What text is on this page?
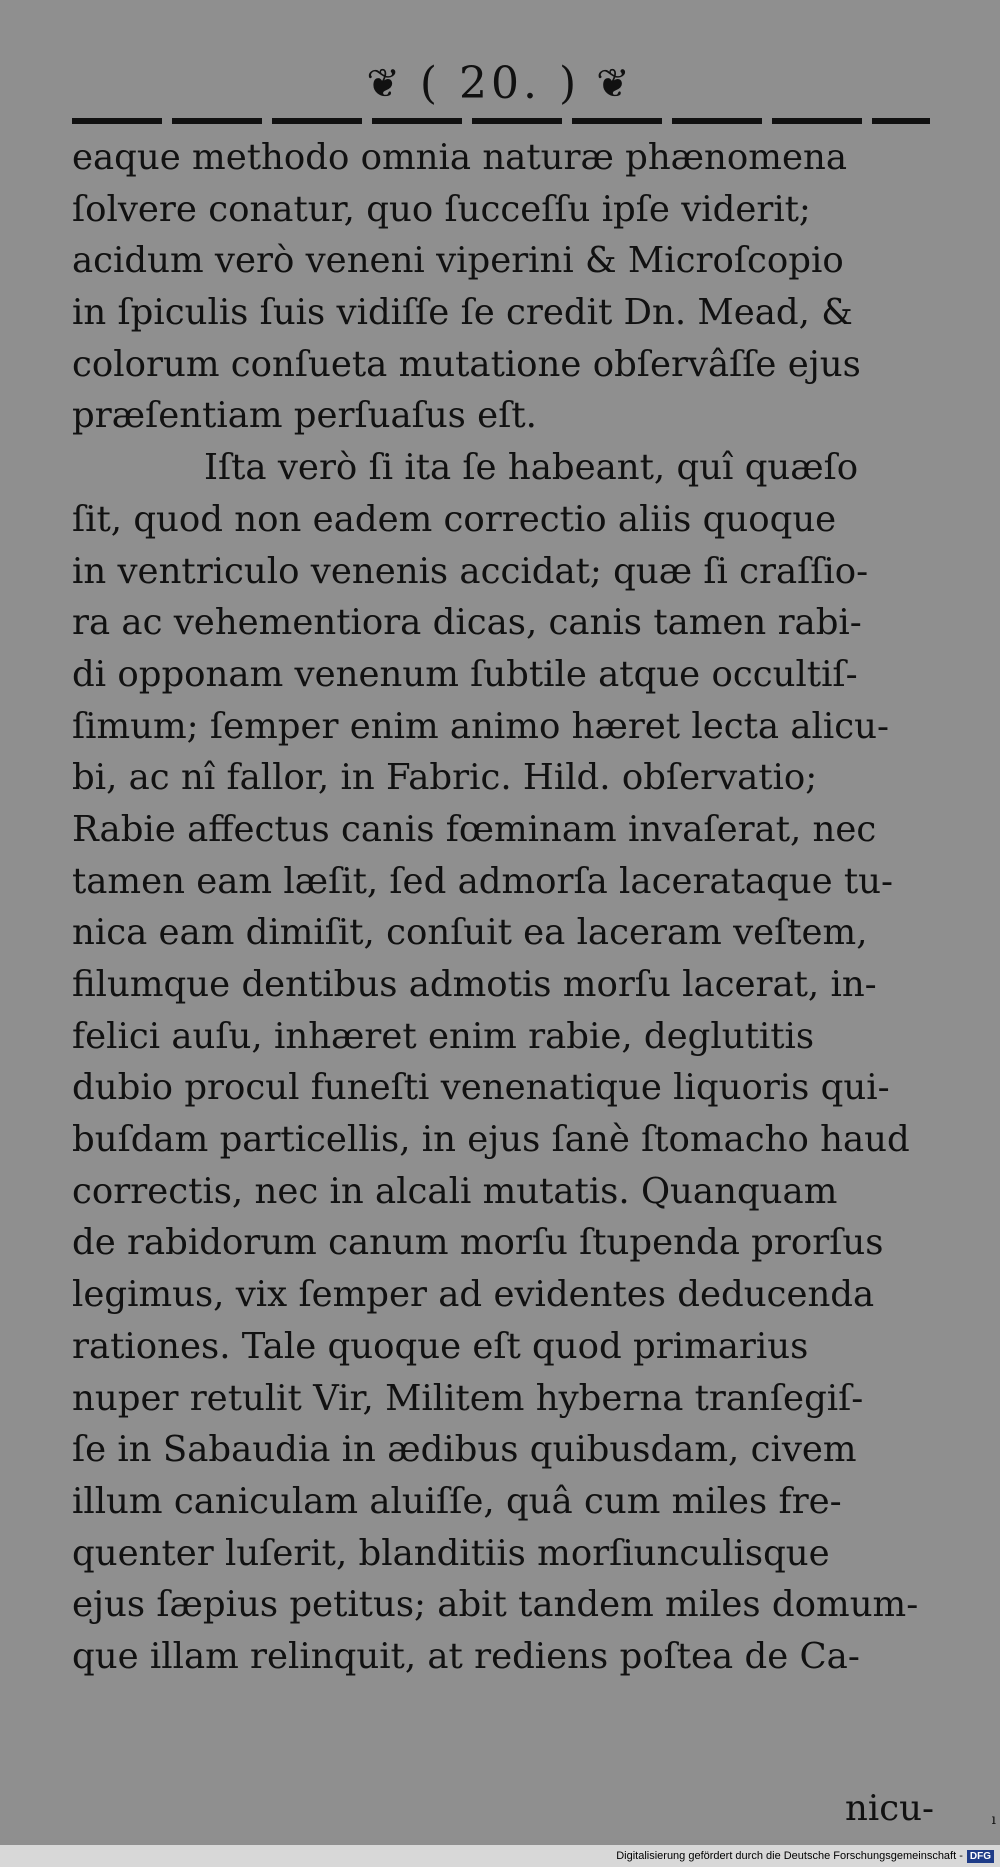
❦ ( 20. ) ❦
eaque methodo omnia naturæ phænomena
ſolvere conatur, quo ſucceſſu ipſe viderit;
acidum verò veneni viperini & Microſcopio
in ſpiculis ſuis vidiſſe ſe credit Dn. Mead, &
colorum conſueta mutatione obſervâſſe ejus
præſentiam perſuaſus eſt.
Iſta verò ſi ita ſe habeant, quî quæſo
ſit, quod non eadem correctio aliis quoque
in ventriculo venenis accidat; quæ ſi craſſio-
ra ac vehementiora dicas, canis tamen rabi-
di opponam venenum ſubtile atque occultiſ-
ſimum; ſemper enim animo hæret lecta alicu-
bi, ac nî fallor, in Fabric. Hild. obſervatio;
Rabie affectus canis fœminam invaſerat, nec
tamen eam læſit, ſed admorſa lacerataque tu-
nica eam dimiſit, conſuit ea laceram veſtem,
filumque dentibus admotis morſu lacerat, in-
felici auſu, inhæret enim rabie, deglutitis
dubio procul funeſti venenatique liquoris qui-
buſdam particellis, in ejus ſanè ſtomacho haud
correctis, nec in alcali mutatis. Quanquam
de rabidorum canum morſu ſtupenda prorſus
legimus, vix ſemper ad evidentes deducenda
rationes. Tale quoque eſt quod primarius
nuper retulit Vir, Militem hyberna tranſegiſ-
ſe in Sabaudia in ædibus quibusdam, civem
illum caniculam aluiſſe, quâ cum miles fre-
quenter luſerit, blanditiis morſiunculisque
ejus ſæpius petitus; abit tandem miles domum-
que illam relinquit, at rediens poſtea de Ca-
nicu-	ı
Digitalisierung gefördert durch die Deutsche Forschungsgemeinschaft - DFG
